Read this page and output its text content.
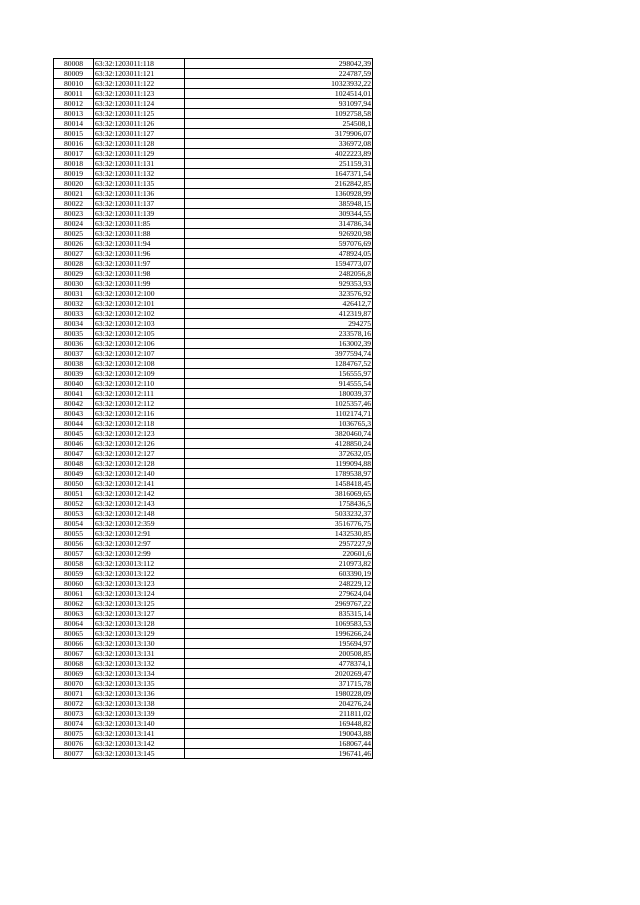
80008	63:32:1203011:118	298042,39
80009	63:32:1203011:121	224787,59
80010	63:32:1203011:122	10323932,22
80011	63:32:1203011:123	1024514,01
80012	63:32:1203011:124	931097,94
80013	63:32:1203011:125	1092758,58
80014	63:32:1203011:126	254508,1
80015	63:32:1203011:127	3179906,07
80016	63:32:1203011:128	336972,08
80017	63:32:1203011:129	4022223,89
80018	63:32:1203011:131	251159,31
80019	63:32:1203011:132	1647371,54
80020	63:32:1203011:135	2162842,85
80021	63:32:1203011:136	1360928,99
80022	63:32:1203011:137	385948,15
80023	63:32:1203011:139	309344,55
80024	63:32:1203011:85	314786,34
80025	63:32:1203011:88	926920,98
80026	63:32:1203011:94	597076,69
80027	63:32:1203011:96	478924,05
80028	63:32:1203011:97	1594773,07
80029	63:32:1203011:98	2482056,8
80030	63:32:1203011:99	929353,93
80031	63:32:1203012:100	323576,92
80032	63:32:1203012:101	426412,7
80033	63:32:1203012:102	412319,87
80034	63:32:1203012:103	294275
80035	63:32:1203012:105	233578,16
80036	63:32:1203012:106	163002,39
80037	63:32:1203012:107	3977594,74
80038	63:32:1203012:108	1284767,52
80039	63:32:1203012:109	156555,97
80040	63:32:1203012:110	914555,54
80041	63:32:1203012:111	180039,37
80042	63:32:1203012:112	1025357,46
80043	63:32:1203012:116	1102174,71
80044	63:32:1203012:118	1036765,3
80045	63:32:1203012:123	3820460,74
80046	63:32:1203012:126	4128850,24
80047	63:32:1203012:127	372632,05
80048	63:32:1203012:128	1199094,88
80049	63:32:1203012:140	1789538,97
80050	63:32:1203012:141	1458418,45
80051	63:32:1203012:142	3816069,65
80052	63:32:1203012:143	1758436,5
80053	63:32:1203012:148	5033232,37
80054	63:32:1203012:359	3516776,75
80055	63:32:1203012:91	1432530,85
80056	63:32:1203012:97	2957227,9
80057	63:32:1203012:99	220601,6
80058	63:32:1203013:112	210973,82
80059	63:32:1203013:122	603390,19
80060	63:32:1203013:123	248229,12
80061	63:32:1203013:124	279624,04
80062	63:32:1203013:125	2969767,22
80063	63:32:1203013:127	835315,14
80064	63:32:1203013:128	1069583,53
80065	63:32:1203013:129	1996266,24
80066	63:32:1203013:130	195694,97
80067	63:32:1203013:131	200508,85
80068	63:32:1203013:132	4778374,1
80069	63:32:1203013:134	2020269,47
80070	63:32:1203013:135	371715,78
80071	63:32:1203013:136	1980228,09
80072	63:32:1203013:138	204276,24
80073	63:32:1203013:139	211811,02
80074	63:32:1203013:140	169448,82
80075	63:32:1203013:141	190043,88
80076	63:32:1203013:142	168067,44
80077	63:32:1203013:145	196741,46
